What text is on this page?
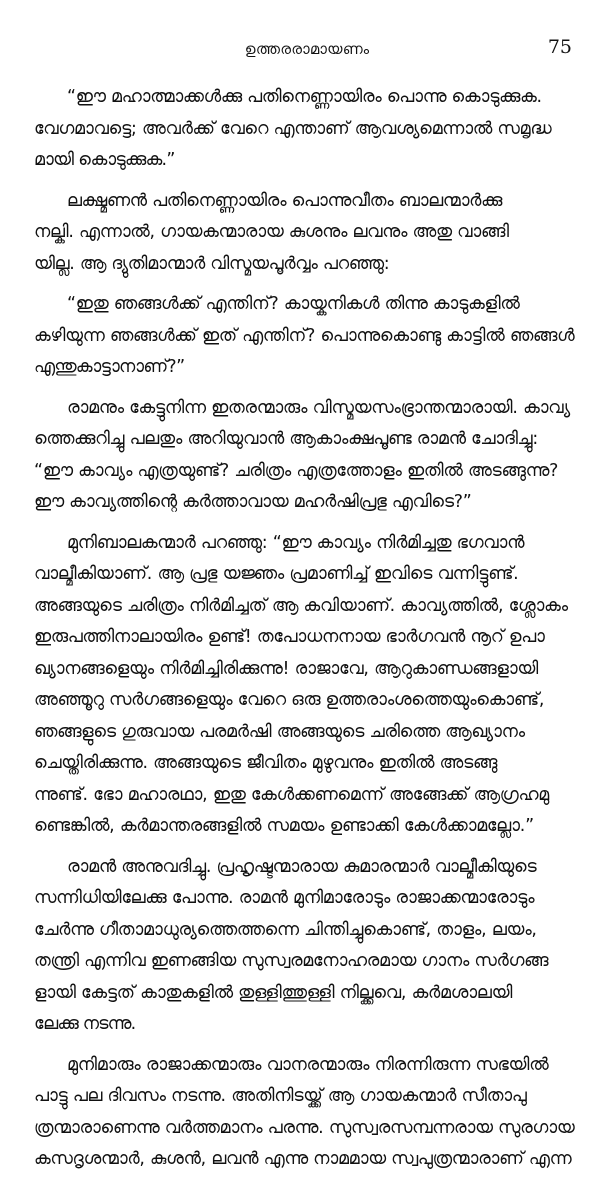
ഉത്തരരാമായണം	75

“ഈ മഹാത്മാക്കൾക്കു പതിനെണ്ണായിരം പൊന്നു കൊടുക്കുക.
വേഗമാവട്ടെ; അവർക്ക് വേറെ എന്താണ് ആവശ്യമെന്നാൽ സമൃദ്ധ
മായി കൊടുക്കുക.”

ലക്ഷ്മണൻ പതിനെണ്ണായിരം പൊന്നുവീതം ബാലന്മാർക്കു
നല്കി. എന്നാൽ, ഗായകന്മാരായ കുശനും ലവനും അതു വാങ്ങി
യില്ല. ആ ദ്യുതിമാന്മാർ വിസ്മയപൂർവ്വം പറഞ്ഞു:

“ഇതു ഞങ്ങൾക്ക് എന്തിന്? കായ്കനികൾ തിന്നു കാടുകളിൽ
കഴിയുന്ന ഞങ്ങൾക്ക് ഇത് എന്തിന്? പൊന്നുകൊണ്ടു കാട്ടിൽ ഞങ്ങൾ
എന്തുകാട്ടാനാണ്?”

രാമനും കേട്ടുനിന്ന ഇതരന്മാരും വിസ്മയസംഭ്രാന്തന്മാരായി. കാവ്യ
ത്തെക്കുറിച്ചു പലതും അറിയുവാൻ ആകാംക്ഷപൂണ്ട രാമൻ ചോദിച്ചു:
“ഈ കാവ്യം എത്രയുണ്ട്? ചരിത്രം എത്രത്തോളം ഇതിൽ അടങ്ങുന്നു?
ഈ കാവ്യത്തിന്റെ കർത്താവായ മഹർഷിപ്രഭു എവിടെ?”

മുനിബാലകന്മാർ പറഞ്ഞു: “ഈ കാവ്യം നിർമിച്ചതു ഭഗവാൻ
വാല്മീകിയാണ്. ആ പ്രഭു യജ്ഞം പ്രമാണിച്ച് ഇവിടെ വന്നിട്ടുണ്ട്.
അങ്ങയുടെ ചരിത്രം നിർമിച്ചത് ആ കവിയാണ്. കാവ്യത്തിൽ, ശ്ലോകം
ഇരുപത്തിനാലായിരം ഉണ്ട്! തപോധനനായ ഭാർഗവൻ നൂറ് ഉപാ
ഖ്യാനങ്ങളെയും നിർമിച്ചിരിക്കുന്നു! രാജാവേ, ആറുകാണ്ഡങ്ങളായി
അഞ്ഞൂറു സർഗങ്ങളെയും വേറെ ഒരു ഉത്തരാംശത്തെയുംകൊണ്ട്,
ഞങ്ങളുടെ ഗുരുവായ പരമർഷി അങ്ങയുടെ ചരിത്തെ ആഖ്യാനം
ചെയ്തിരിക്കുന്നു. അങ്ങയുടെ ജീവിതം മുഴുവനും ഇതിൽ അടങ്ങു
ന്നുണ്ട്. ഭോ മഹാരഥാ, ഇതു കേൾക്കണമെന്ന് അങ്ങേക്ക് ആഗ്രഹമു
ണ്ടെങ്കിൽ, കർമാന്തരങ്ങളിൽ സമയം ഉണ്ടാക്കി കേൾക്കാമല്ലോ.”

രാമൻ അനുവദിച്ചു. പ്രഹൃഷ്ടന്മാരായ കുമാരന്മാർ വാല്മീകിയുടെ
സന്നിധിയിലേക്കു പോന്നു. രാമൻ മുനിമാരോടും രാജാക്കന്മാരോടും
ചേർന്നു ഗീതാമാധുര്യത്തെത്തന്നെ ചിന്തിച്ചുകൊണ്ട്, താളം, ലയം,
തന്ത്രി എന്നിവ ഇണങ്ങിയ സുസ്വരമനോഹരമായ ഗാനം സർഗങ്ങ
ളായി കേട്ടത് കാതുകളിൽ തുള്ളിത്തുള്ളി നില്ക്കവെ, കർമശാലയി
ലേക്കു നടന്നു.

മുനിമാരും രാജാക്കന്മാരും വാനരന്മാരും നിരന്നിരുന്ന സഭയിൽ
പാട്ടു പല ദിവസം നടന്നു. അതിനിടയ്ക്ക് ആ ഗായകന്മാർ സീതാപു
ത്രന്മാരാണെന്നു വർത്തമാനം പരന്നു. സുസ്വരസമ്പന്നരായ സുരഗായ
കസദൃശന്മാർ, കുശൻ, ലവൻ എന്നു നാമമായ സ്വപുത്രന്മാരാണ് എന്ന
